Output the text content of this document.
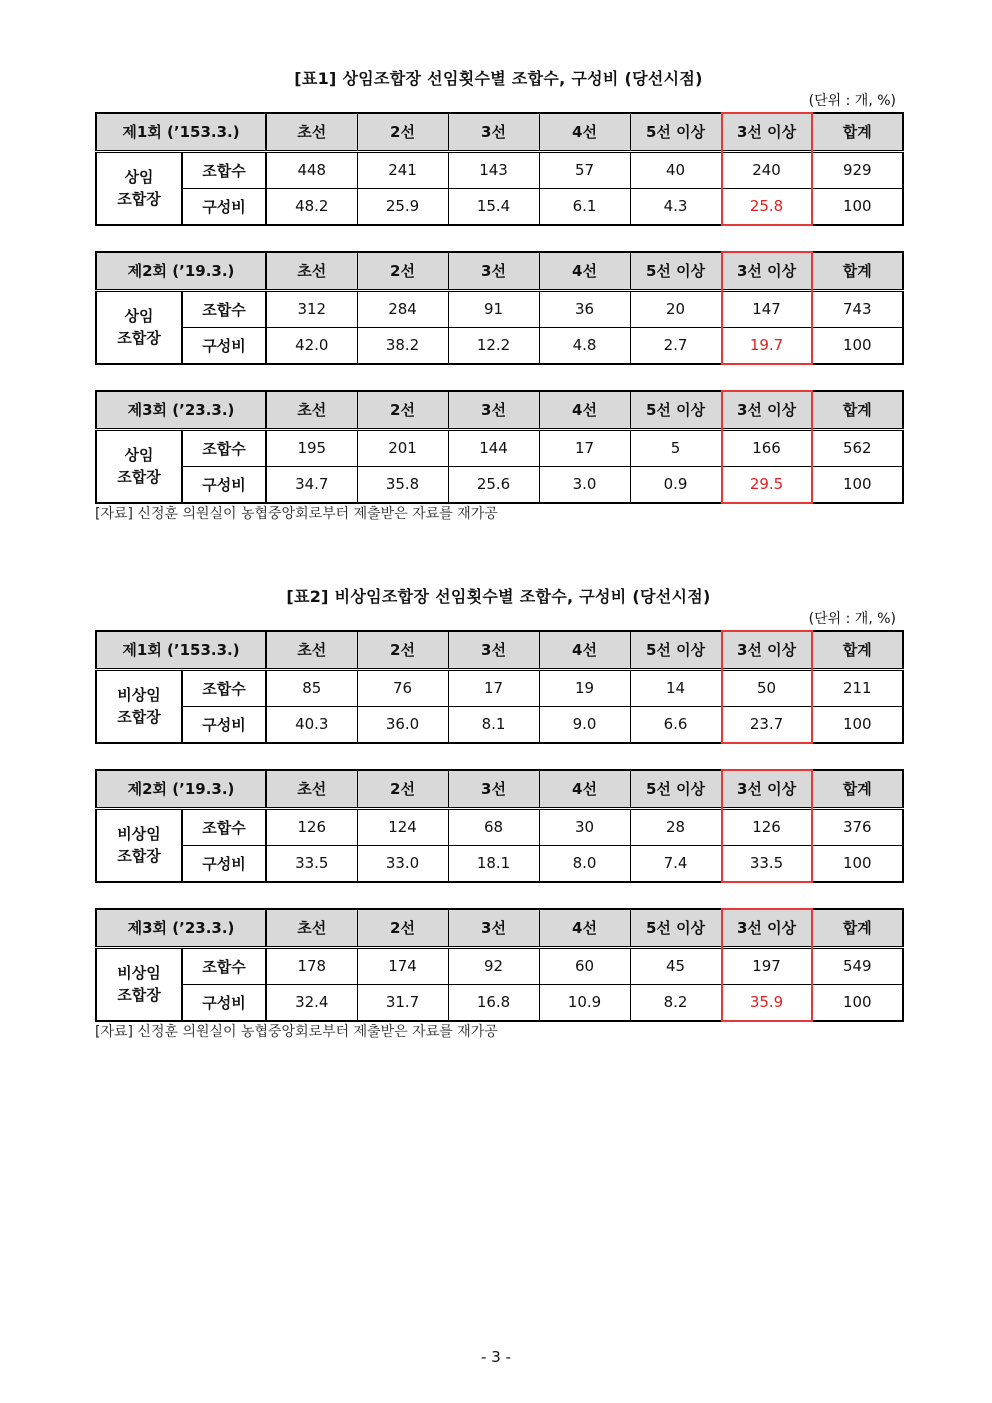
[표1] 상임조합장 선임횟수별 조합수, 구성비 (당선시점)
(단위 : 개, %)
제1회 (’153.3.)		초선	2선	3선	4선	5선 이상	3선 이상	합계

상임
조합장	조합수	448	241	143	57	40	240	929
	구성비	48.2	25.9	15.4	6.1	4.3	25.8	100
제2회 (’19.3.)		초선	2선	3선	4선	5선 이상	3선 이상	합계

상임
조합장	조합수	312	284	91	36	20	147	743
	구성비	42.0	38.2	12.2	4.8	2.7	19.7	100
제3회 (’23.3.)		초선	2선	3선	4선	5선 이상	3선 이상	합계

상임
조합장	조합수	195	201	144	17	5	166	562
	구성비	34.7	35.8	25.6	3.0	0.9	29.5	100
[자료] 신정훈 의원실이 농협중앙회로부터 제출받은 자료를 재가공
[표2] 비상임조합장 선임횟수별 조합수, 구성비 (당선시점)
(단위 : 개, %)
제1회 (’153.3.)		초선	2선	3선	4선	5선 이상	3선 이상	합계

비상임
조합장	조합수	85	76	17	19	14	50	211
	구성비	40.3	36.0	8.1	9.0	6.6	23.7	100
제2회 (’19.3.)		초선	2선	3선	4선	5선 이상	3선 이상	합계

비상임
조합장	조합수	126	124	68	30	28	126	376
	구성비	33.5	33.0	18.1	8.0	7.4	33.5	100
제3회 (’23.3.)		초선	2선	3선	4선	5선 이상	3선 이상	합계

비상임
조합장	조합수	178	174	92	60	45	197	549
	구성비	32.4	31.7	16.8	10.9	8.2	35.9	100
[자료] 신정훈 의원실이 농협중앙회로부터 제출받은 자료를 재가공
- 3 -
